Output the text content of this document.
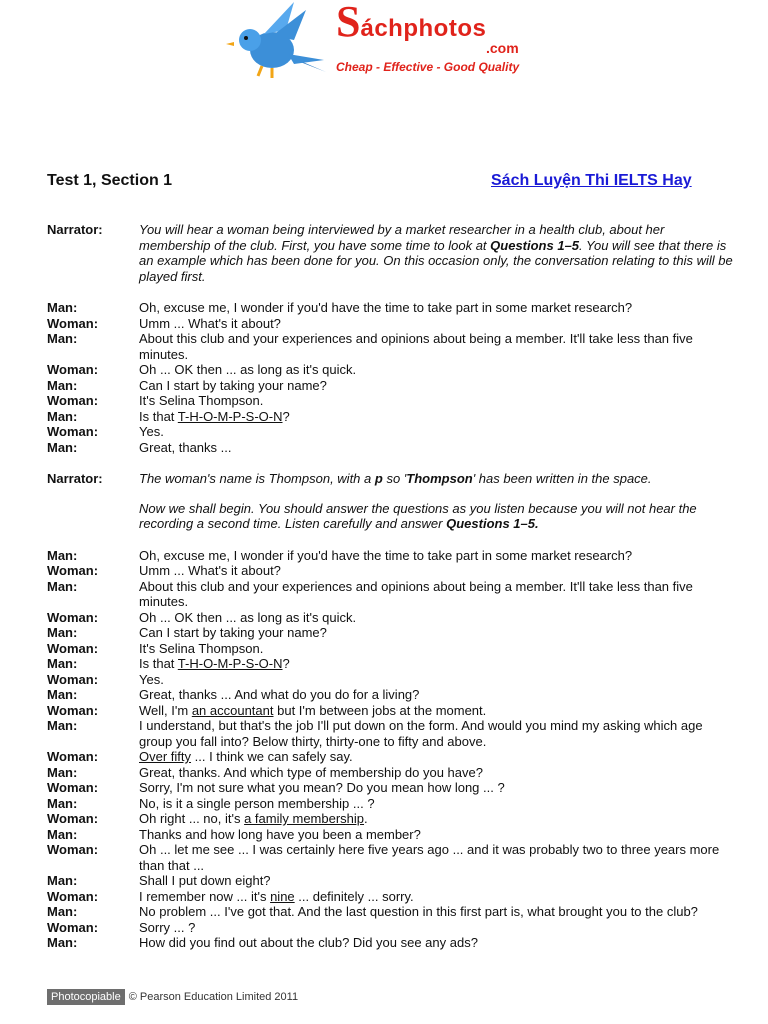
Sáchphotos
.com
Cheap - Effective - Good Quality
Test 1, Section 1	Sách Luyện Thi IELTS Hay
Narrator:	You will hear a woman being interviewed by a market researcher in a health club, about her membership of the club. First, you have some time to look at Questions 1–5. You will see that there is an example which has been done for you. On this occasion only, the conversation relating to this will be played first.
Man:	Oh, excuse me, I wonder if you'd have the time to take part in some market research?
Woman:	Umm ... What's it about?
Man:	About this club and your experiences and opinions about being a member. It'll take less than five minutes.
Woman:	Oh ... OK then ... as long as it's quick.
Man:	Can I start by taking your name?
Woman:	It's Selina Thompson.
Man:	Is that T-H-O-M-P-S-O-N?
Woman:	Yes.
Man:	Great, thanks ...
Narrator:	The woman's name is Thompson, with a p so 'Thompson' has been written in the space.
Now we shall begin. You should answer the questions as you listen because you will not hear the recording a second time. Listen carefully and answer Questions 1–5.
Man:	Oh, excuse me, I wonder if you'd have the time to take part in some market research?
Woman:	Umm ... What's it about?
Man:	About this club and your experiences and opinions about being a member. It'll take less than five minutes.
Woman:	Oh ... OK then ... as long as it's quick.
Man:	Can I start by taking your name?
Woman:	It's Selina Thompson.
Man:	Is that T-H-O-M-P-S-O-N?
Woman:	Yes.
Man:	Great, thanks ... And what do you do for a living?
Woman:	Well, I'm an accountant but I'm between jobs at the moment.
Man:	I understand, but that's the job I'll put down on the form. And would you mind my asking which age group you fall into? Below thirty, thirty-one to fifty and above.
Woman:	Over fifty ... I think we can safely say.
Man:	Great, thanks. And which type of membership do you have?
Woman:	Sorry, I'm not sure what you mean? Do you mean how long ... ?
Man:	No, is it a single person membership ... ?
Woman:	Oh right ... no, it's a family membership.
Man:	Thanks and how long have you been a member?
Woman:	Oh ... let me see ... I was certainly here five years ago ... and it was probably two to three years more than that ...
Man:	Shall I put down eight?
Woman:	I remember now ... it's nine ... definitely ... sorry.
Man:	No problem ... I've got that. And the last question in this first part is, what brought you to the club?
Woman:	Sorry ... ?
Man:	How did you find out about the club? Did you see any ads?
Photocopiable © Pearson Education Limited 2011
